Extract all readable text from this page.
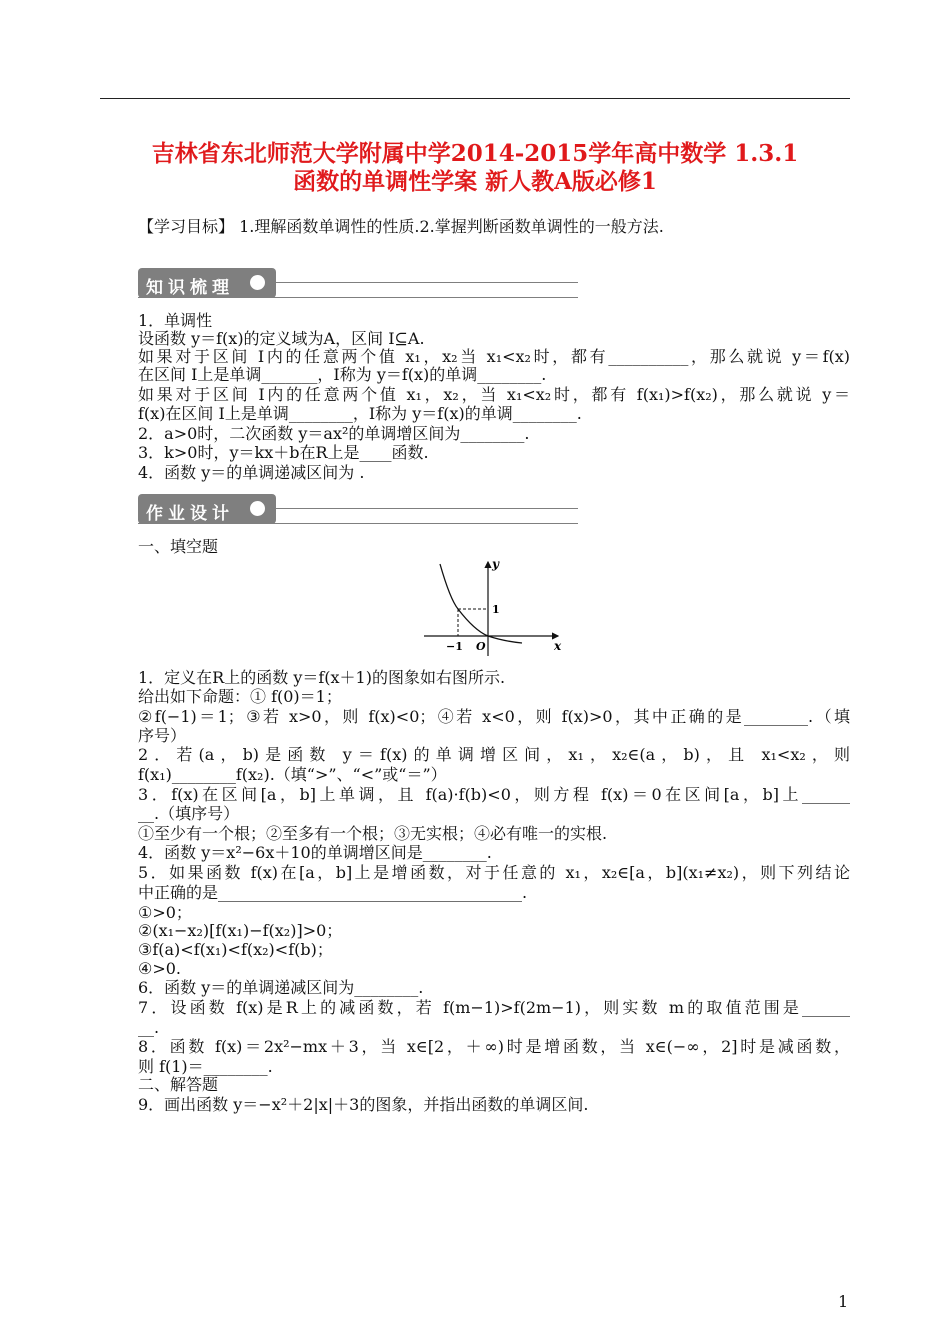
吉林省东北师范大学附属中学2014-2015学年高中数学 1.3.1
函数的单调性学案 新人教A版必修1
【学习目标】 1.理解函数单调性的性质.2.掌握判断函数单调性的一般方法.
知识梳理
1．单调性
设函数 y＝f(x)的定义域为A，区间 I⊆A.
如果对于区间 I内的任意两个值 x₁，x₂当 x₁<x₂时，都有__________，那么就说 y＝f(x)
在区间 I上是单调_______，I称为 y＝f(x)的单调________.
如果对于区间 I内的任意两个值 x₁，x₂，当 x₁<x₂时，都有 f(x₁)>f(x₂)，那么就说 y＝
f(x)在区间 I上是单调________，I称为 y＝f(x)的单调________.
2．a>0时，二次函数 y＝ax²的单调增区间为________.
3．k>0时，y＝kx＋b在R上是____函数.
4．函数 y＝的单调递减区间为 .
作业设计
一、填空题
y
x
1
−1 O
1．定义在R上的函数 y＝f(x＋1)的图象如右图所示.
给出如下命题：① f(0)＝1；
②f(−1)＝1；③若 x>0，则 f(x)<0；④若 x<0，则 f(x)>0，其中正确的是________.（填
序号）
2．若(a，b)是函数 y＝f(x)的单调增区间，x₁，x₂∈(a，b)，且 x₁<x₂，则
f(x₁)________f(x₂).（填“>”、“<”或“＝”）
3．f(x)在区间[a，b]上单调，且 f(a)·f(b)<0，则方程 f(x)＝0在区间[a，b]上______
__.（填序号）
①至少有一个根；②至多有一个根；③无实根；④必有唯一的实根.
4．函数 y＝x²−6x＋10的单调增区间是________.
5．如果函数 f(x)在[a，b]上是增函数，对于任意的 x₁，x₂∈[a，b](x₁≠x₂)，则下列结论
中正确的是______________________________________.
①>0；
②(x₁−x₂)[f(x₁)−f(x₂)]>0；
③f(a)<f(x₁)<f(x₂)<f(b)；
④>0.
6．函数 y＝的单调递减区间为________.
7．设函数 f(x)是R上的减函数，若 f(m−1)>f(2m−1)，则实数 m的取值范围是______
__.
8．函数 f(x)＝2x²−mx＋3，当 x∈[2，＋∞)时是增函数，当 x∈(−∞，2]时是减函数，
则 f(1)＝________.
二、解答题
9．画出函数 y＝−x²＋2|x|＋3的图象，并指出函数的单调区间.
1
